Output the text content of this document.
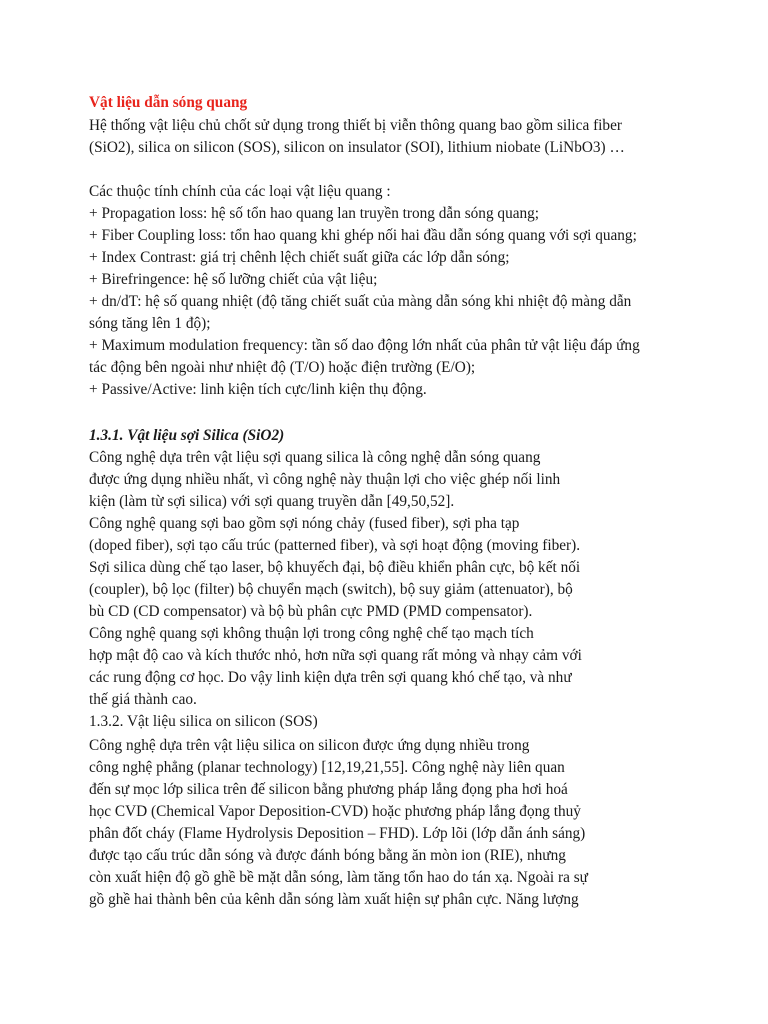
Vật liệu dẫn sóng quang

Hệ thống vật liệu chủ chốt sử dụng trong thiết bị viễn thông quang bao gồm silica fiber

(SiO2), silica on silicon (SOS), silicon on insulator (SOI), lithium niobate (LiNbO3) …

Các thuộc tính chính của các loại vật liệu quang :

+ Propagation loss: hệ số tổn hao quang lan truyền trong dẫn sóng quang;

+ Fiber Coupling loss: tổn hao quang khi ghép nối hai đầu dẫn sóng quang với sợi quang;

+ Index Contrast: giá trị chênh lệch chiết suất giữa các lớp dẫn sóng;

+ Birefringence: hệ số lưỡng chiết của vật liệu;

+ dn/dT: hệ số quang nhiệt (độ tăng chiết suất của màng dẫn sóng khi nhiệt độ màng dẫn

sóng tăng lên 1 độ);

+ Maximum modulation frequency: tần số dao động lớn nhất của phân tử vật liệu đáp ứng

tác động bên ngoài như nhiệt độ (T/O) hoặc điện trường (E/O);

+ Passive/Active: linh kiện tích cực/linh kiện thụ động.

1.3.1. Vật liệu sợi Silica (SiO2)

Công nghệ dựa trên vật liệu sợi quang silica là công nghệ dẫn sóng quang

được ứng dụng nhiều nhất, vì công nghệ này thuận lợi cho việc ghép nối linh

kiện (làm từ sợi silica) với sợi quang truyền dẫn [49,50,52].

Công nghệ quang sợi bao gồm sợi nóng chảy (fused fiber), sợi pha tạp

(doped fiber), sợi tạo cấu trúc (patterned fiber), và sợi hoạt động (moving fiber).

Sợi silica dùng chế tạo laser, bộ khuyếch đại, bộ điều khiển phân cực, bộ kết nối

(coupler), bộ lọc (filter) bộ chuyển mạch (switch), bộ suy giảm (attenuator), bộ

bù CD (CD compensator) và bộ bù phân cực PMD (PMD compensator).

Công nghệ quang sợi không thuận lợi trong công nghệ chế tạo mạch tích

hợp mật độ cao và kích thước nhỏ, hơn nữa sợi quang rất mỏng và nhạy cảm với

các rung động cơ học. Do vậy linh kiện dựa trên sợi quang khó chế tạo, và như

thế giá thành cao.

1.3.2. Vật liệu silica on silicon (SOS)

Công nghệ dựa trên vật liệu silica on silicon được ứng dụng nhiều trong

công nghệ phẳng (planar technology) [12,19,21,55]. Công nghệ này liên quan

đến sự mọc lớp silica trên đế silicon bằng phương pháp lắng đọng pha hơi hoá

học CVD (Chemical Vapor Deposition-CVD) hoặc phương pháp lắng đọng thuỷ

phân đốt cháy (Flame Hydrolysis Deposition – FHD). Lớp lõi (lớp dẫn ánh sáng)

được tạo cấu trúc dẫn sóng và được đánh bóng bằng ăn mòn ion (RIE), nhưng

còn xuất hiện độ gồ ghề bề mặt dẫn sóng, làm tăng tổn hao do tán xạ. Ngoài ra sự

gồ ghề hai thành bên của kênh dẫn sóng làm xuất hiện sự phân cực. Năng lượng
